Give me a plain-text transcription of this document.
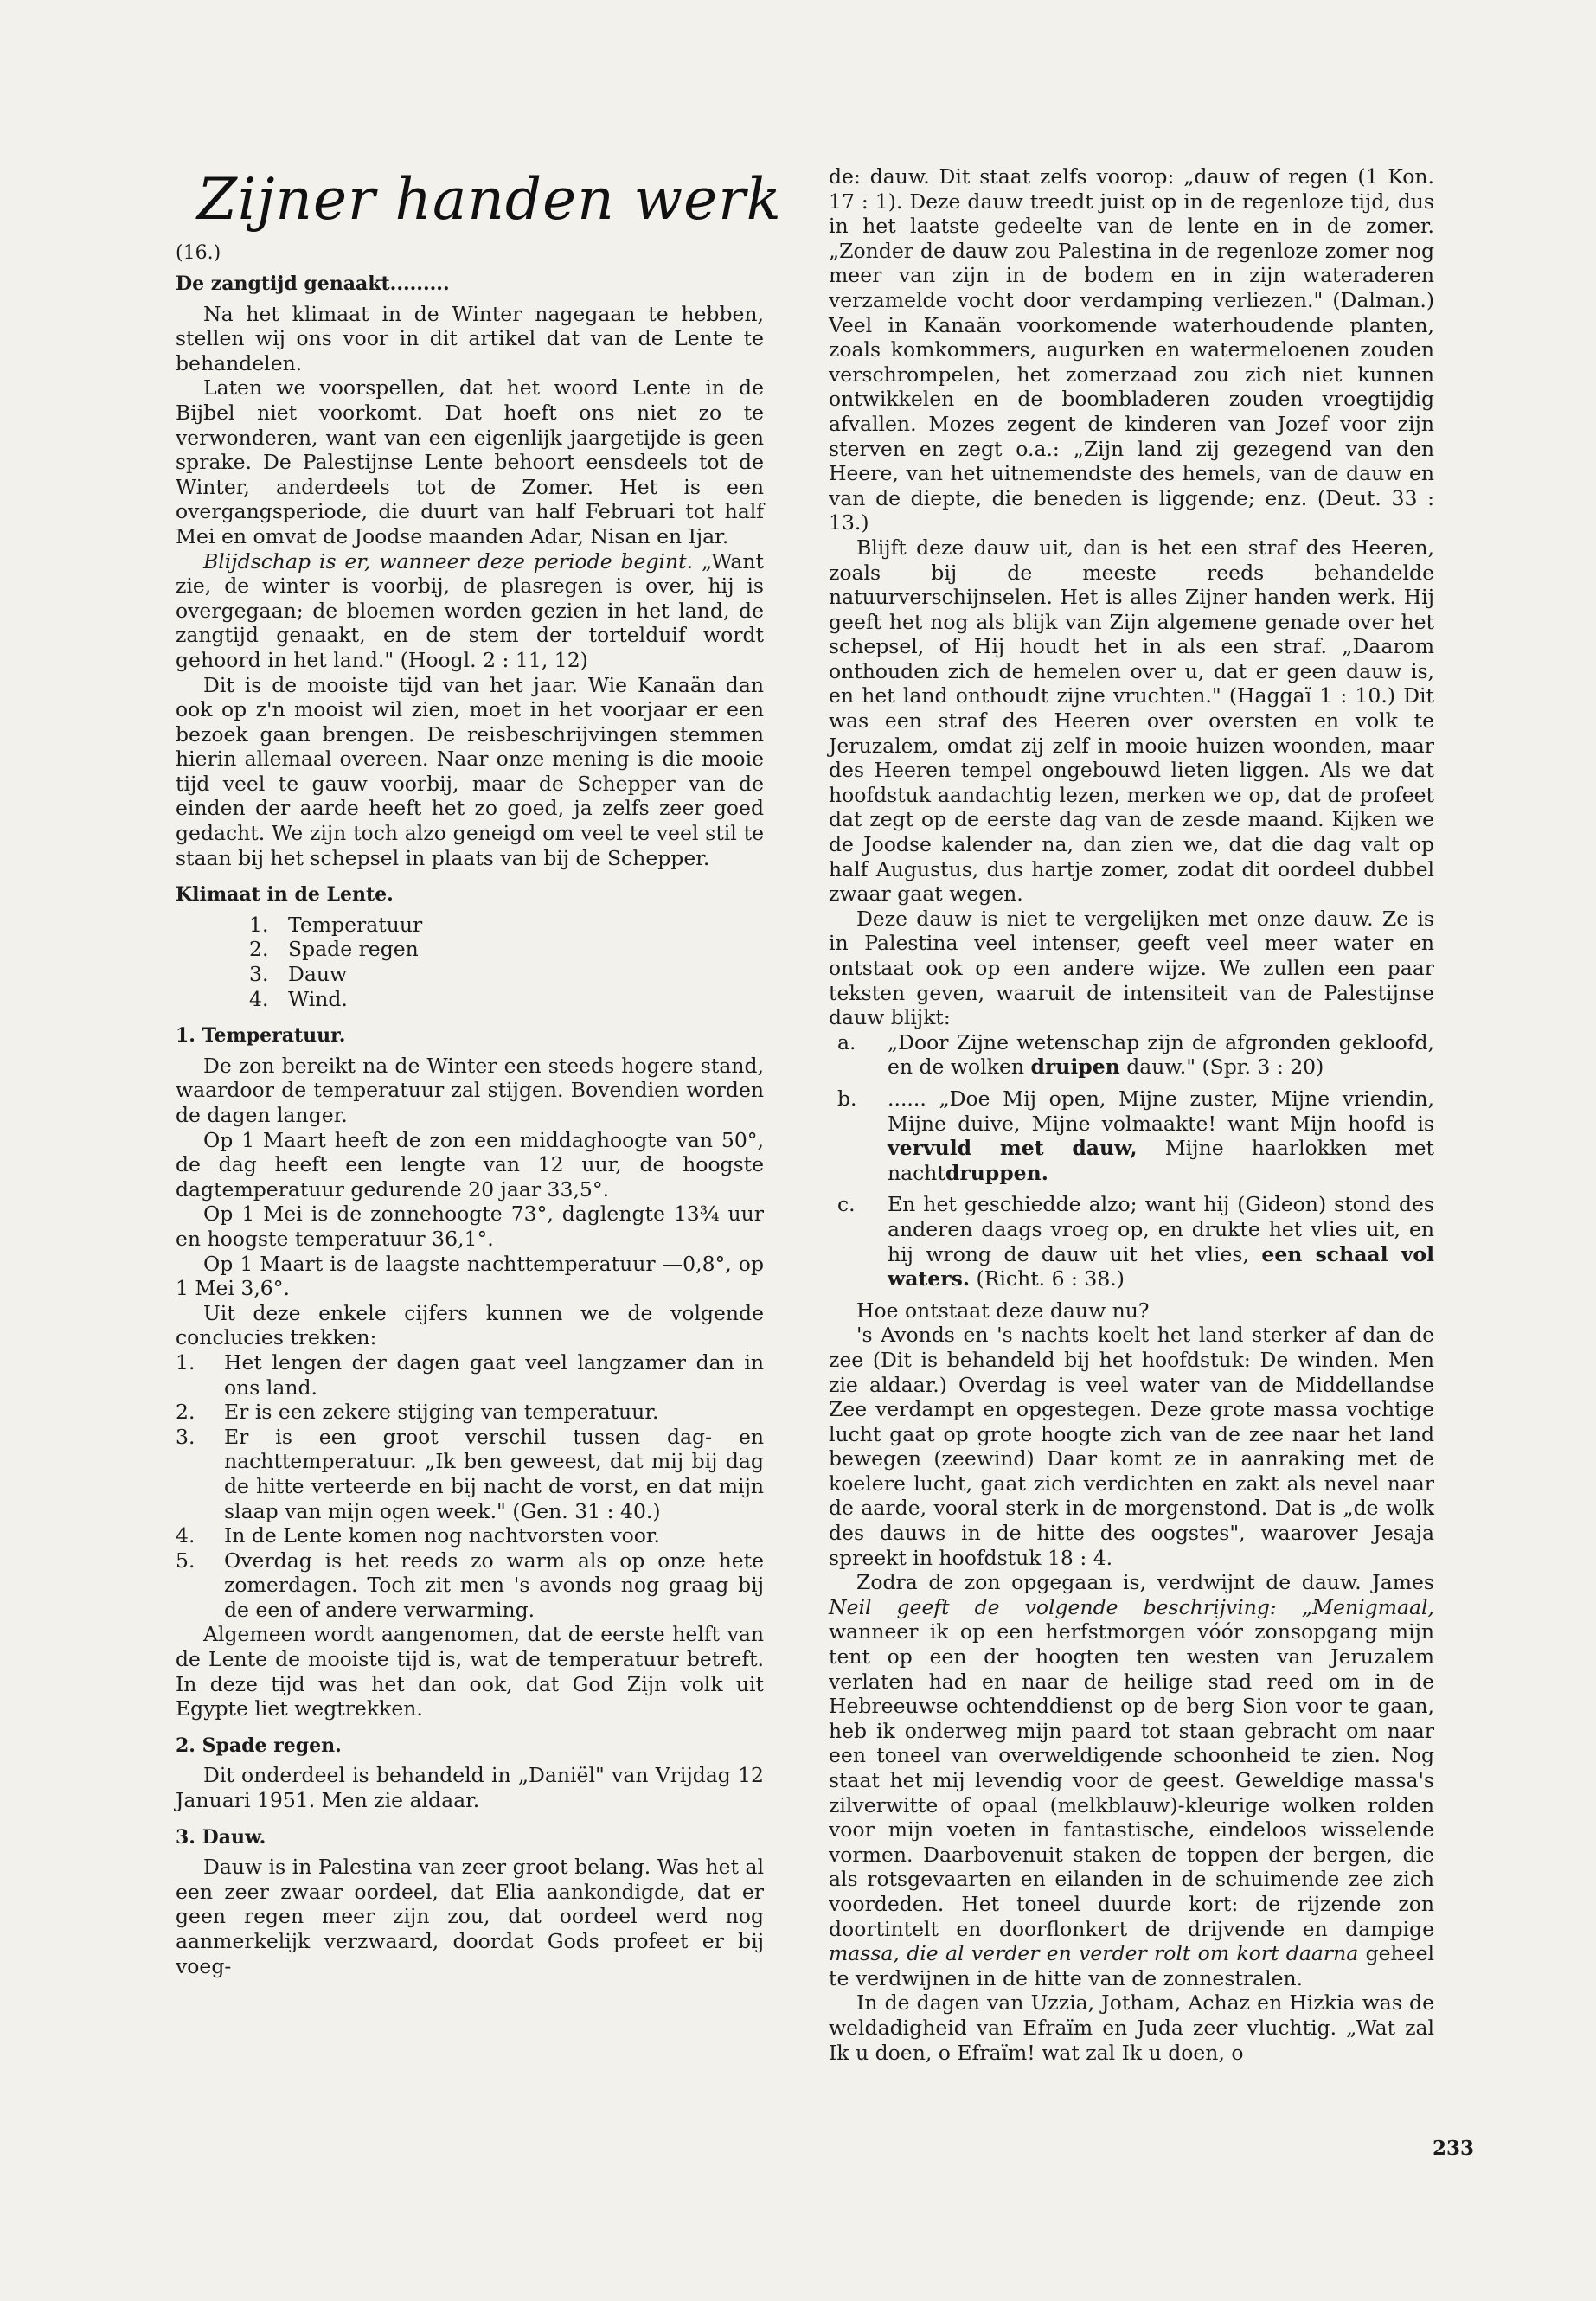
Zijner handen werk
(16.)
De zangtijd genaakt.........

Na het klimaat in de Winter nagegaan te hebben, stellen wij ons voor in dit artikel dat van de Lente te behandelen.

Laten we voorspellen, dat het woord Lente in de Bijbel niet voorkomt. Dat hoeft ons niet zo te verwonderen, want van een eigenlijk jaargetijde is geen sprake. De Palestijnse Lente behoort eensdeels tot de Winter, anderdeels tot de Zomer. Het is een overgangsperiode, die duurt van half Februari tot half Mei en omvat de Joodse maanden Adar, Nisan en Ijar.

Blijdschap is er, wanneer deze periode begint. „Want zie, de winter is voorbij, de plasregen is over, hij is overgegaan; de bloemen worden gezien in het land, de zangtijd genaakt, en de stem der tortelduif wordt gehoord in het land." (Hoogl. 2 : 11, 12)

Dit is de mooiste tijd van het jaar. Wie Kanaän dan ook op z'n mooist wil zien, moet in het voorjaar er een bezoek gaan brengen. De reisbeschrijvingen stemmen hierin allemaal overeen. Naar onze mening is die mooie tijd veel te gauw voorbij, maar de Schepper van de einden der aarde heeft het zo goed, ja zelfs zeer goed gedacht. We zijn toch alzo geneigd om veel te veel stil te staan bij het schepsel in plaats van bij de Schepper.

Klimaat in de Lente.
1. Temperatuur
2. Spade regen
3. Dauw
4. Wind.
1. Temperatuur.

De zon bereikt na de Winter een steeds hogere stand, waardoor de temperatuur zal stijgen. Bovendien worden de dagen langer.

Op 1 Maart heeft de zon een middaghoogte van 50°, de dag heeft een lengte van 12 uur, de hoogste dagtemperatuur gedurende 20 jaar 33,5°.

Op 1 Mei is de zonnehoogte 73°, daglengte 13¾ uur en hoogste temperatuur 36,1°.

Op 1 Maart is de laagste nachttemperatuur —0,8°, op 1 Mei 3,6°.

Uit deze enkele cijfers kunnen we de volgende conclucies trekken:

1.	Het lengen der dagen gaat veel langzamer dan in ons land.
2.	Er is een zekere stijging van temperatuur.
3.	Er is een groot verschil tussen dag- en nachttemperatuur. „Ik ben geweest, dat mij bij dag de hitte verteerde en bij nacht de vorst, en dat mijn slaap van mijn ogen week." (Gen. 31 : 40.)
4.	In de Lente komen nog nachtvorsten voor.
5.	Overdag is het reeds zo warm als op onze hete zomerdagen. Toch zit men 's avonds nog graag bij de een of andere verwarming.

Algemeen wordt aangenomen, dat de eerste helft van de Lente de mooiste tijd is, wat de temperatuur betreft. In deze tijd was het dan ook, dat God Zijn volk uit Egypte liet wegtrekken.

2. Spade regen.

Dit onderdeel is behandeld in „Daniël" van Vrijdag 12 Januari 1951. Men zie aldaar.

3. Dauw.

Dauw is in Palestina van zeer groot belang. Was het al een zeer zwaar oordeel, dat Elia aankondigde, dat er geen regen meer zijn zou, dat oordeel werd nog aanmerkelijk verzwaard, doordat Gods profeet er bij voeg-

de: dauw. Dit staat zelfs voorop: „dauw of regen (1 Kon. 17 : 1). Deze dauw treedt juist op in de regenloze tijd, dus in het laatste gedeelte van de lente en in de zomer. „Zonder de dauw zou Palestina in de regenloze zomer nog meer van zijn in de bodem en in zijn wateraderen verzamelde vocht door verdamping verliezen." (Dalman.) Veel in Kanaän voorkomende waterhoudende planten, zoals komkommers, augurken en watermeloenen zouden verschrompelen, het zomerzaad zou zich niet kunnen ontwikkelen en de boombladeren zouden vroegtijdig afvallen. Mozes zegent de kinderen van Jozef voor zijn sterven en zegt o.a.: „Zijn land zij gezegend van den Heere, van het uitnemendste des hemels, van de dauw en van de diepte, die beneden is liggende; enz. (Deut. 33 : 13.)

Blijft deze dauw uit, dan is het een straf des Heeren, zoals bij de meeste reeds behandelde natuurverschijnselen. Het is alles Zijner handen werk. Hij geeft het nog als blijk van Zijn algemene genade over het schepsel, of Hij houdt het in als een straf. „Daarom onthouden zich de hemelen over u, dat er geen dauw is, en het land onthoudt zijne vruchten." (Haggaï 1 : 10.) Dit was een straf des Heeren over oversten en volk te Jeruzalem, omdat zij zelf in mooie huizen woonden, maar des Heeren tempel ongebouwd lieten liggen. Als we dat hoofdstuk aandachtig lezen, merken we op, dat de profeet dat zegt op de eerste dag van de zesde maand. Kijken we de Joodse kalender na, dan zien we, dat die dag valt op half Augustus, dus hartje zomer, zodat dit oordeel dubbel zwaar gaat wegen.

Deze dauw is niet te vergelijken met onze dauw. Ze is in Palestina veel intenser, geeft veel meer water en ontstaat ook op een andere wijze. We zullen een paar teksten geven, waaruit de intensiteit van de Palestijnse dauw blijkt:

a.	„Door Zijne wetenschap zijn de afgronden gekloofd, en de wolken druipen dauw." (Spr. 3 : 20)
b.	...... „Doe Mij open, Mijne zuster, Mijne vriendin, Mijne duive, Mijne volmaakte! want Mijn hoofd is vervuld met dauw, Mijne haarlokken met nachtdruppen.
c.	En het geschiedde alzo; want hij (Gideon) stond des anderen daags vroeg op, en drukte het vlies uit, en hij wrong de dauw uit het vlies, een schaal vol waters. (Richt. 6 : 38.)

Hoe ontstaat deze dauw nu?

's Avonds en 's nachts koelt het land sterker af dan de zee (Dit is behandeld bij het hoofdstuk: De winden. Men zie aldaar.) Overdag is veel water van de Middellandse Zee verdampt en opgestegen. Deze grote massa vochtige lucht gaat op grote hoogte zich van de zee naar het land bewegen (zeewind) Daar komt ze in aanraking met de koelere lucht, gaat zich verdichten en zakt als nevel naar de aarde, vooral sterk in de morgenstond. Dat is „de wolk des dauws in de hitte des oogstes", waarover Jesaja spreekt in hoofdstuk 18 : 4.

Zodra de zon opgegaan is, verdwijnt de dauw. James Neil geeft de volgende beschrijving: „Menigmaal, wanneer ik op een herfstmorgen vóór zonsopgang mijn tent op een der hoogten ten westen van Jeruzalem verlaten had en naar de heilige stad reed om in de Hebreeuwse ochtenddienst op de berg Sion voor te gaan, heb ik onderweg mijn paard tot staan gebracht om naar een toneel van overweldigende schoonheid te zien. Nog staat het mij levendig voor de geest. Geweldige massa's zilverwitte of opaal (melkblauw)-kleurige wolken rolden voor mijn voeten in fantastische, eindeloos wisselende vormen. Daarbovenuit staken de toppen der bergen, die als rotsgevaarten en eilanden in de schuimende zee zich voordeden. Het toneel duurde kort: de rijzende zon doortintelt en doorflonkert de drijvende en dampige massa, die al verder en verder rolt om kort daarna geheel te verdwijnen in de hitte van de zonnestralen.

In de dagen van Uzzia, Jotham, Achaz en Hizkia was de weldadigheid van Efraïm en Juda zeer vluchtig. „Wat zal Ik u doen, o Efraïm! wat zal Ik u doen, o

233
